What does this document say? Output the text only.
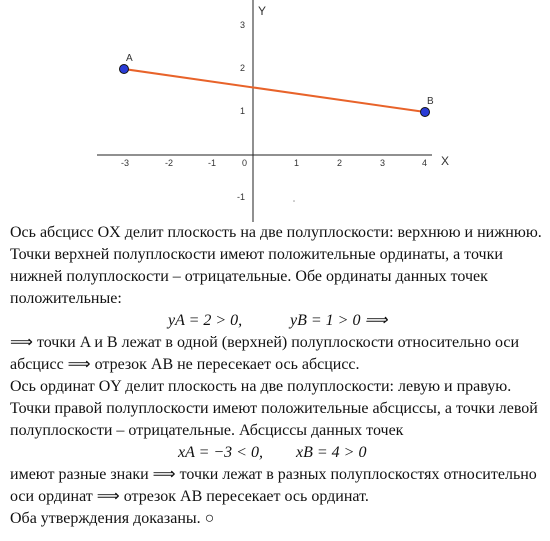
X
Y
-3	-2	-1	0	1	2	3	4
3
2
1
-1
A
B
Ось абсцисс OX делит плоскость на две полуплоскости: верхнюю и нижнюю.
Точки верхней полуплоскости имеют положительные ординаты, а точки
нижней полуплоскости – отрицательные. Обе ординаты данных точек
положительные:
yA = 2 > 0,	yB = 1 > 0 ⟹
⟹ точки A и B лежат в одной (верхней) полуплоскости относительно оси
абсцисс ⟹ отрезок AB не пересекает ось абсцисс.
Ось ординат OY делит плоскость на две полуплоскости: левую и правую.
Точки правой полуплоскости имеют положительные абсциссы, а точки левой
полуплоскости – отрицательные. Абсциссы данных точек
xA = −3 < 0, xB = 4 > 0
имеют разные знаки ⟹ точки лежат в разных полуплоскостях относительно
оси ординат ⟹ отрезок AB пересекает ось ординат.
Оба утверждения доказаны. ○
